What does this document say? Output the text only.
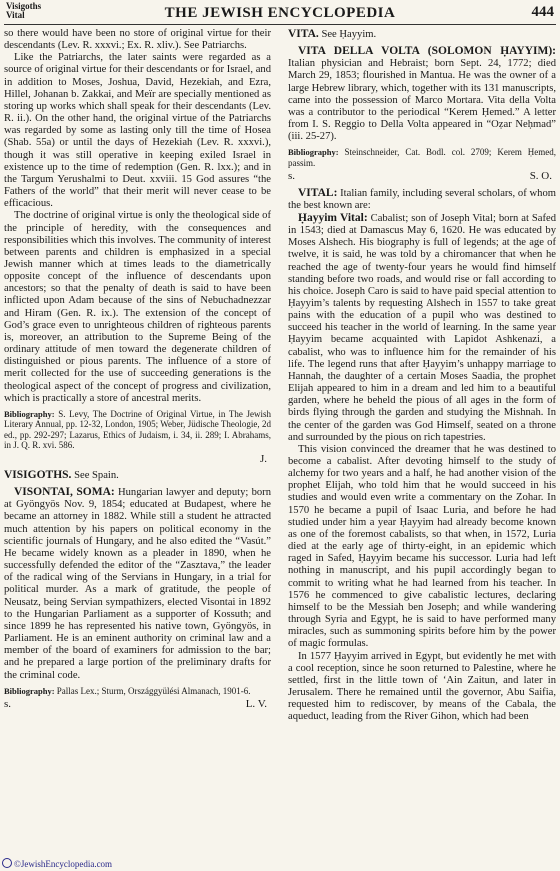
Visigoths
Vital	THE JEWISH ENCYCLOPEDIA	444

so there would have been no store of original virtue for their descendants (Lev. R. xxxvi.; Ex. R. xliv.). See Patriarchs.

Like the Patriarchs, the later saints were regarded as a source of original virtue for their descendants or for Israel, and in addition to Moses, Joshua, David, Hezekiah, and Ezra, Hillel, Johanan b. Zakkai, and Meïr are specially mentioned as storing up works which shall speak for their descendants (Lev. R. ii.). On the other hand, the original virtue of the Patriarchs was regarded by some as lasting only till the time of Hosea (Shab. 55a) or until the days of Hezekiah (Lev. R. xxxvi.), though it was still operative in keeping exiled Israel in existence up to the time of redemption (Gen. R. lxx.); and in the Targum Yerushalmi to Deut. xxviii. 15 God assures “the Fathers of the world” that their merit will never cease to be efficacious.

The doctrine of original virtue is only the theological side of the principle of heredity, with the consequences and responsibilities which this involves. The community of interest between parents and children is emphasized in a special Jewish manner which at times leads to the diametrically opposite concept of the influence of descendants upon ancestors; so that the penalty of death is said to have been inflicted upon Adam because of the sins of Nebuchadnezzar and Hiram (Gen. R. ix.). The extension of the concept of God’s grace even to unrighteous children of righteous parents is, moreover, an attribution to the Supreme Being of the ordinary attitude of men toward the degenerate children of distinguished or pious parents. The influence of a store of merit collected for the use of succeeding generations is the theological aspect of the concept of progress and civilization, which is practically a store of ancestral merits.

Bibliography: S. Levy, The Doctrine of Original Virtue, in The Jewish Literary Annual, pp. 12-32, London, 1905; Weber, Jüdische Theologie, 2d ed., pp. 292-297; Lazarus, Ethics of Judaism, i. 34, ii. 289; I. Abrahams, in J. Q. R. xvi. 586.

J.

VISIGOTHS. See Spain.

VISONTAI, SOMA: Hungarian lawyer and deputy; born at Gyöngyös Nov. 9, 1854; educated at Budapest, where he became an attorney in 1882. While still a student he attracted much attention by his papers on political economy in the scientific journals of Hungary, and he also edited the “Vasút.” He became widely known as a pleader in 1890, when he successfully defended the editor of the “Zasztava,” the leader of the radical wing of the Servians in Hungary, in a trial for political murder. As a mark of gratitude, the people of Neusatz, being Servian sympathizers, elected Visontai in 1892 to the Hungarian Parliament as a supporter of Kossuth; and since 1899 he has represented his native town, Gyöngyös, in Parliament. He is an eminent authority on criminal law and a member of the board of examiners for admission to the bar; and he prepared a large portion of the preliminary drafts for the criminal code.

Bibliography: Pallas Lex.; Sturm, Országgyülési Almanach, 1901-6.

s.	L. V.

VITA. See Ḥayyim.

VITA DELLA VOLTA (SOLOMON ḤAYYIM): Italian physician and Hebraist; born Sept. 24, 1772; died March 29, 1853; flourished in Mantua. He was the owner of a large Hebrew library, which, together with its 131 manuscripts, came into the possession of Marco Mortara. Vita della Volta was a contributor to the periodical “Kerem Ḥemed.” A letter from I. S. Reggio to Della Volta appeared in “Oẓar Neḥmad” (iii. 25-27).

Bibliography: Steinschneider, Cat. Bodl. col. 2709; Kerem Ḥemed, passim.

s.	S. O.

VITAL: Italian family, including several scholars, of whom the best known are:

Ḥayyim Vital: Cabalist; son of Joseph Vital; born at Safed in 1543; died at Damascus May 6, 1620. He was educated by Moses Alshech. His biography is full of legends; at the age of twelve, it is said, he was told by a chiromancer that when he reached the age of twenty-four years he would find himself standing before two roads, and would rise or fall according to his choice. Joseph Caro is said to have paid special attention to Ḥayyim’s talents by requesting Alshech in 1557 to take great pains with the education of a pupil who was destined to succeed his teacher in the world of learning. In the same year Ḥayyim became acquainted with Lapidot Ashkenazi, a cabalist, who was to influence him for the remainder of his life. The legend runs that after Ḥayyim’s unhappy marriage to Hannah, the daughter of a certain Moses Saadia, the prophet Elijah appeared to him in a dream and led him to a beautiful garden, where he beheld the pious of all ages in the form of birds flying through the garden and studying the Mishnah. In the center of the garden was God Himself, seated on a throne and surrounded by the pious on rich tapestries.

This vision convinced the dreamer that he was destined to become a cabalist. After devoting himself to the study of alchemy for two years and a half, he had another vision of the prophet Elijah, who told him that he would succeed in his studies and would even write a commentary on the Zohar. In 1570 he became a pupil of Isaac Luria, and before he had studied under him a year Ḥayyim had already become known as one of the foremost cabalists, so that when, in 1572, Luria died at the early age of thirty-eight, in an epidemic which raged in Safed, Ḥayyim became his successor. Luria had left nothing in manuscript, and his pupil accordingly began to commit to writing what he had learned from his teacher. In 1576 he commenced to give cabalistic lectures, declaring himself to be the Messiah ben Joseph; and while wandering through Syria and Egypt, he is said to have performed many miracles, such as summoning spirits before him by the power of magic formulas.

In 1577 Ḥayyim arrived in Egypt, but evidently he met with a cool reception, since he soon returned to Palestine, where he settled, first in the little town of ‘Ain Zaitun, and later in Jerusalem. There he remained until the governor, Abu Saifia, requested him to rediscover, by means of the Cabala, the aqueduct, leading from the River Gihon, which had been

©JewishEncyclopedia.com
